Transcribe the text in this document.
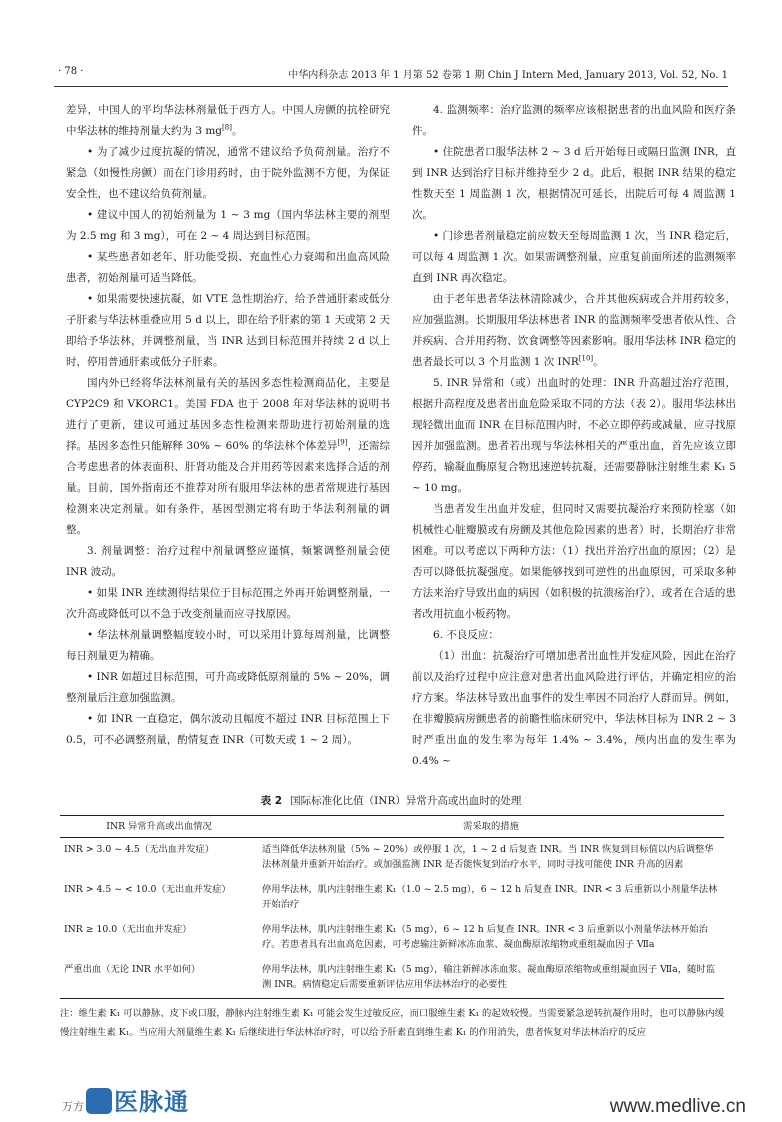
· 78 ·	中华内科杂志 2013 年 1 月第 52 卷第 1 期 Chin J Intern Med, January 2013, Vol. 52, No. 1

差异，中国人的平均华法林剂量低于西方人。中国人房颤的抗栓研究中华法林的维持剂量大约为 3 mg[8]。

• 为了减少过度抗凝的情况，通常不建议给予负荷剂量。治疗不紧急（如慢性房颤）而在门诊用药时，由于院外监测不方便，为保证安全性，也不建议给负荷剂量。

• 建议中国人的初始剂量为 1 ~ 3 mg（国内华法林主要的剂型为 2.5 mg 和 3 mg），可在 2 ~ 4 周达到目标范围。

• 某些患者如老年、肝功能受损、充血性心力衰竭和出血高风险患者，初始剂量可适当降低。

• 如果需要快速抗凝，如 VTE 急性期治疗，给予普通肝素或低分子肝素与华法林重叠应用 5 d 以上，即在给予肝素的第 1 天或第 2 天即给予华法林，并调整剂量，当 INR 达到目标范围并持续 2 d 以上时，停用普通肝素或低分子肝素。

国内外已经将华法林剂量有关的基因多态性检测商品化，主要是 CYP2C9 和 VKORC1。美国 FDA 也于 2008 年对华法林的说明书进行了更新，建议可通过基因多态性检测来帮助进行初始剂量的选择。基因多态性只能解释 30% ~ 60% 的华法林个体差异[9]，还需综合考虑患者的体表面积、肝肾功能及合并用药等因素来选择合适的剂量。目前，国外指南还不推荐对所有服用华法林的患者常规进行基因检测来决定剂量。如有条件，基因型测定将有助于华法利剂量的调整。

3. 剂量调整：治疗过程中剂量调整应谨慎，频繁调整剂量会使 INR 波动。

• 如果 INR 连续测得结果位于目标范围之外再开始调整剂量，一次升高或降低可以不急于改变剂量而应寻找原因。

• 华法林剂量调整幅度较小时，可以采用计算每周剂量，比调整每日剂量更为精确。

• INR 如超过目标范围，可升高或降低原剂量的 5% ~ 20%，调整剂量后注意加强监测。

• 如 INR 一直稳定，偶尔波动且幅度不超过 INR 目标范围上下 0.5，可不必调整剂量，酌情复查 INR（可数天或 1 ~ 2 周）。

4. 监测频率：治疗监测的频率应该根据患者的出血风险和医疗条件。

• 住院患者口服华法林 2 ~ 3 d 后开始每日或隔日监测 INR，直到 INR 达到治疗目标并维持至少 2 d。此后，根据 INR 结果的稳定性数天至 1 周监测 1 次，根据情况可延长，出院后可每 4 周监测 1 次。

• 门诊患者剂量稳定前应数天至每周监测 1 次，当 INR 稳定后，可以每 4 周监测 1 次。如果需调整剂量，应重复前面所述的监测频率直到 INR 再次稳定。

由于老年患者华法林清除减少，合并其他疾病或合并用药较多，应加强监测。长期服用华法林患者 INR 的监测频率受患者依从性、合并疾病、合并用药物、饮食调整等因素影响。服用华法林 INR 稳定的患者最长可以 3 个月监测 1 次 INR[10]。

5. INR 异常和（或）出血时的处理：INR 升高超过治疗范围，根据升高程度及患者出血危险采取不同的方法（表 2）。服用华法林出现轻微出血而 INR 在目标范围内时，不必立即停药或减量，应寻找原因并加强监测。患者若出现与华法林相关的严重出血，首先应该立即停药，输凝血酶原复合物迅速逆转抗凝，还需要静脉注射维生素 K₁ 5 ~ 10 mg。

当患者发生出血并发症，但同时又需要抗凝治疗来预防栓塞（如机械性心脏瓣膜或有房颤及其他危险因素的患者）时，长期治疗非常困难。可以考虑以下两种方法：（1）找出并治疗出血的原因；（2）是否可以降低抗凝强度。如果能够找到可逆性的出血原因，可采取多种方法来治疗导致出血的病因（如积极的抗溃疡治疗），或者在合适的患者改用抗血小板药物。

6. 不良反应：

（1）出血：抗凝治疗可增加患者出血性并发症风险，因此在治疗前以及治疗过程中应注意对患者出血风险进行评估，并确定相应的治疗方案。华法林导致出血事件的发生率因不同治疗人群而异。例如，在非瓣膜病房颤患者的前瞻性临床研究中，华法林目标为 INR 2 ~ 3 时严重出血的发生率为每年 1.4% ~ 3.4%，颅内出血的发生率为 0.4% ~

表 2 国际标准化比值（INR）异常升高或出血时的处理
INR 异常升高或出血情况	需采取的措施
INR > 3.0 ~ 4.5（无出血并发症）	适当降低华法林剂量（5% ~ 20%）或停服 1 次，1 ~ 2 d 后复查 INR。当 INR 恢复到目标值以内后调整华法林剂量并重新开始治疗。或加强监测 INR 是否能恢复到治疗水平，同时寻找可能使 INR 升高的因素
INR > 4.5 ~ < 10.0（无出血并发症）	停用华法林，肌内注射维生素 K₁（1.0 ~ 2.5 mg），6 ~ 12 h 后复查 INR。INR < 3 后重新以小剂量华法林开始治疗
INR ≥ 10.0（无出血并发症）	停用华法林，肌内注射维生素 K₁（5 mg），6 ~ 12 h 后复查 INR。INR < 3 后重新以小剂量华法林开始治疗。若患者具有出血高危因素，可考虑输注新鲜冰冻血浆、凝血酶原浓缩物或重组凝血因子 Ⅶa
严重出血（无论 INR 水平如何）	停用华法林，肌内注射维生素 K₁（5 mg），输注新鲜冰冻血浆、凝血酶原浓缩物或重组凝血因子 Ⅶa，随时监测 INR。病情稳定后需要重新评估应用华法林治疗的必要性
注：维生素 K₁ 可以静脉、皮下或口服，静脉内注射维生素 K₁ 可能会发生过敏反应，而口服维生素 K₁ 的起效较慢。当需要紧急逆转抗凝作用时，也可以静脉内缓慢注射维生素 K₁。当应用大剂量维生素 K₁ 后继续进行华法林治疗时，可以给予肝素直到维生素 K₁ 的作用消失，患者恢复对华法林治疗的反应
万方	医脉通	www.medlive.cn
